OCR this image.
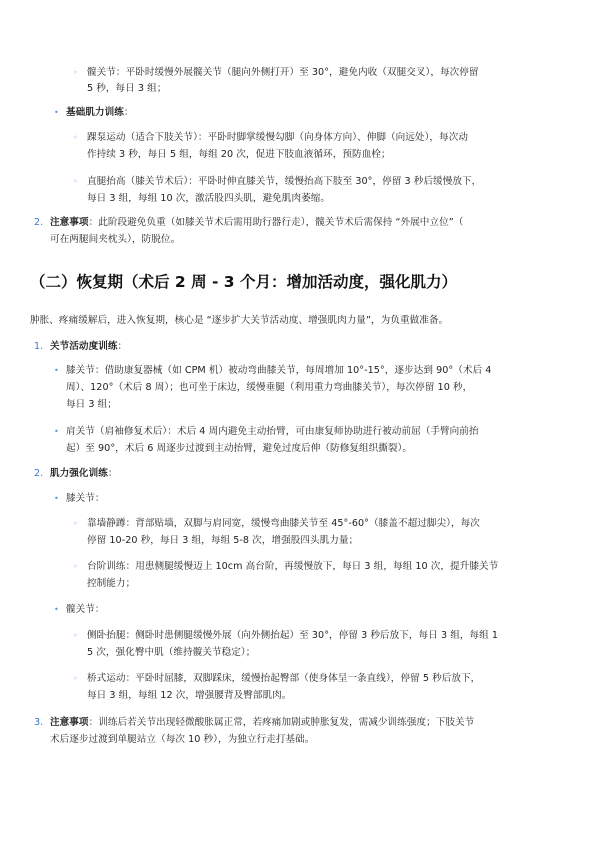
◦ 髋关节：平卧时缓慢外展髋关节（腿向外侧打开）至 30°，避免内收（双腿交叉），每次停留
5 秒，每日 3 组；
• 基础肌力训练：
◦ 踝泵运动（适合下肢关节）：平卧时脚掌缓慢勾脚（向身体方向）、伸脚（向远处），每次动
作持续 3 秒，每日 5 组，每组 20 次，促进下肢血液循环，预防血栓；
◦ 直腿抬高（膝关节术后）：平卧时伸直膝关节，缓慢抬高下肢至 30°，停留 3 秒后缓慢放下，
每日 3 组，每组 10 次，激活股四头肌，避免肌肉萎缩。
2. 注意事项：此阶段避免负重（如膝关节术后需用助行器行走），髋关节术后需保持 “外展中立位”（
可在两腿间夹枕头），防脱位。
（二）恢复期（术后 2 周 - 3 个月：增加活动度，强化肌力）
肿胀、疼痛缓解后，进入恢复期，核心是 “逐步扩大关节活动度、增强肌肉力量”，为负重做准备。
1. 关节活动度训练：
• 膝关节：借助康复器械（如 CPM 机）被动弯曲膝关节，每周增加 10°-15°，逐步达到 90°（术后 4
周）、120°（术后 8 周）；也可坐于床边，缓慢垂腿（利用重力弯曲膝关节），每次停留 10 秒，
每日 3 组；
• 肩关节（肩袖修复术后）：术后 4 周内避免主动抬臂，可由康复师协助进行被动前屈（手臂向前抬
起）至 90°，术后 6 周逐步过渡到主动抬臂，避免过度后伸（防修复组织撕裂）。
2. 肌力强化训练：
• 膝关节：
◦ 靠墙静蹲：背部贴墙，双脚与肩同宽，缓慢弯曲膝关节至 45°-60°（膝盖不超过脚尖），每次
停留 10-20 秒，每日 3 组，每组 5-8 次，增强股四头肌力量；
◦ 台阶训练：用患侧腿缓慢迈上 10cm 高台阶，再缓慢放下，每日 3 组，每组 10 次，提升膝关节
控制能力；
• 髋关节：
◦ 侧卧抬腿：侧卧时患侧腿缓慢外展（向外侧抬起）至 30°，停留 3 秒后放下，每日 3 组，每组 1
5 次，强化臀中肌（维持髋关节稳定）；
◦ 桥式运动：平卧时屈膝，双脚踩床，缓慢抬起臀部（使身体呈一条直线），停留 5 秒后放下，
每日 3 组，每组 12 次，增强腰背及臀部肌肉。
3. 注意事项：训练后若关节出现轻微酸胀属正常，若疼痛加剧或肿胀复发，需减少训练强度；下肢关节
术后逐步过渡到单腿站立（每次 10 秒），为独立行走打基础。
